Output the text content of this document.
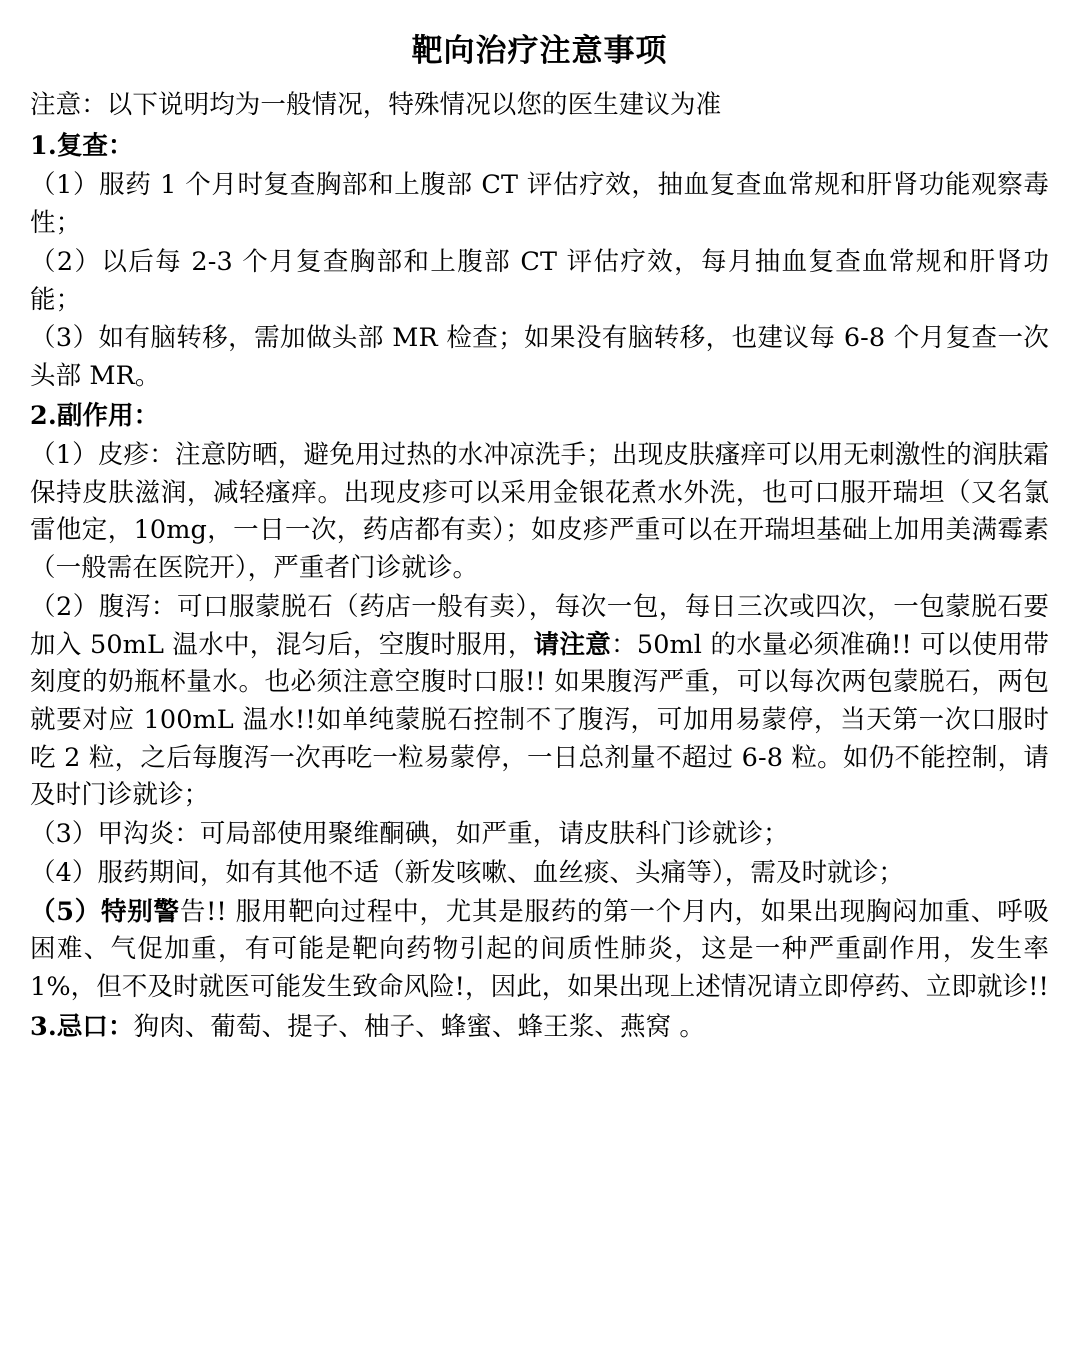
靶向治疗注意事项

注意：以下说明均为一般情况，特殊情况以您的医生建议为准

1.复查：

（1）服药 1 个月时复查胸部和上腹部 CT 评估疗效，抽血复查血常规和肝肾功能观察毒性；

（2）以后每 2-3 个月复查胸部和上腹部 CT 评估疗效，每月抽血复查血常规和肝肾功能；

（3）如有脑转移，需加做头部 MR 检查；如果没有脑转移，也建议每 6-8 个月复查一次头部 MR。

2.副作用：

（1）皮疹：注意防晒，避免用过热的水冲凉洗手；出现皮肤瘙痒可以用无刺激性的润肤霜保持皮肤滋润，减轻瘙痒。出现皮疹可以采用金银花煮水外洗，也可口服开瑞坦（又名氯雷他定，10mg，一日一次，药店都有卖）；如皮疹严重可以在开瑞坦基础上加用美满霉素（一般需在医院开），严重者门诊就诊。

（2）腹泻：可口服蒙脱石（药店一般有卖），每次一包，每日三次或四次，一包蒙脱石要加入 50mL 温水中，混匀后，空腹时服用，请注意：50ml 的水量必须准确!! 可以使用带刻度的奶瓶杯量水。也必须注意空腹时口服!! 如果腹泻严重，可以每次两包蒙脱石，两包就要对应 100mL 温水!!如单纯蒙脱石控制不了腹泻，可加用易蒙停，当天第一次口服时吃 2 粒，之后每腹泻一次再吃一粒易蒙停，一日总剂量不超过 6-8 粒。如仍不能控制，请及时门诊就诊；

（3）甲沟炎：可局部使用聚维酮碘，如严重，请皮肤科门诊就诊；

（4）服药期间，如有其他不适（新发咳嗽、血丝痰、头痛等），需及时就诊；

（5）特别警告!! 服用靶向过程中，尤其是服药的第一个月内，如果出现胸闷加重、呼吸困难、气促加重，有可能是靶向药物引起的间质性肺炎，这是一种严重副作用，发生率 1%，但不及时就医可能发生致命风险!，因此，如果出现上述情况请立即停药、立即就诊!!

3.忌口：狗肉、葡萄、提子、柚子、蜂蜜、蜂王浆、燕窝 。
